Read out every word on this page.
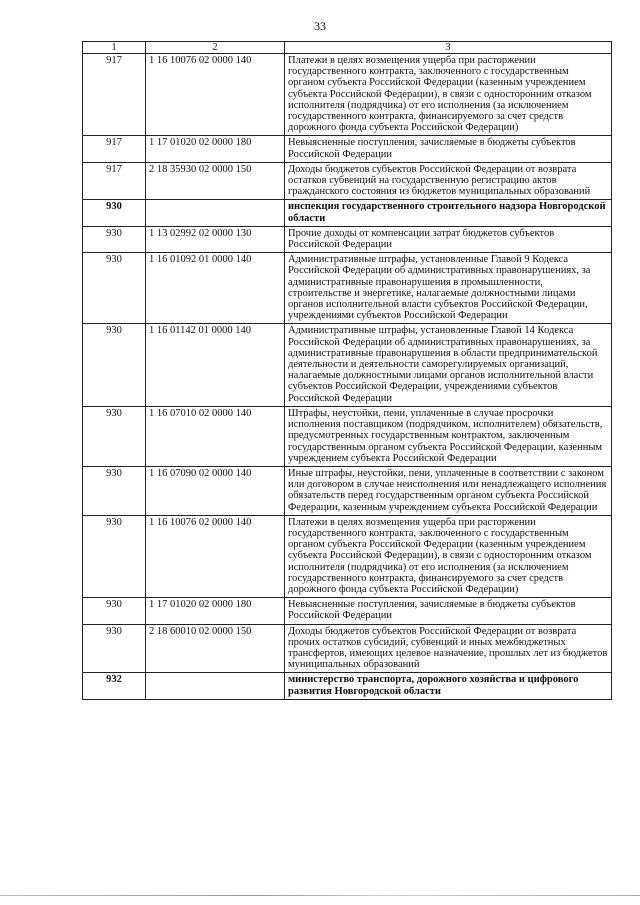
33
1	2	3
917	1 16 10076 02 0000 140	Платежи в целях возмещения ущерба при расторжении государственного контракта, заключенного с государственным органом субъекта Российской Федерации (казенным учреждением субъекта Российской Федерации), в связи с односторонним отказом исполнителя (подрядчика) от его исполнения (за исключением государственного контракта, финансируемого за счет средств дорожного фонда субъекта Российской Федерации)
917	1 17 01020 02 0000 180	Невыясненные поступления, зачисляемые в бюджеты субъектов Российской Федерации
917	2 18 35930 02 0000 150	Доходы бюджетов субъектов Российской Федерации от возврата остатков субвенций на государственную регистрацию актов гражданского состояния из бюджетов муниципальных образований
930		инспекция государственного строительного надзора Новгородской области
930	1 13 02992 02 0000 130	Прочие доходы от компенсации затрат бюджетов субъектов Российской Федерации
930	1 16 01092 01 0000 140	Административные штрафы, установленные Главой 9 Кодекса Российской Федерации об административных правонарушениях, за административные правонарушения в промышленности, строительстве и энергетике, налагаемые должностными лицами органов исполнительной власти субъектов Российской Федерации, учреждениями субъектов Российской Федерации
930	1 16 01142 01 0000 140	Административные штрафы, установленные Главой 14 Кодекса Российской Федерации об административных правонарушениях, за административные правонарушения в области предпринимательской деятельности и деятельности саморегулируемых организаций, налагаемые должностными лицами органов исполнительной власти субъектов Российской Федерации, учреждениями субъектов Российской Федерации
930	1 16 07010 02 0000 140	Штрафы, неустойки, пени, уплаченные в случае просрочки исполнения поставщиком (подрядчиком, исполнителем) обязательств, предусмотренных государственным контрактом, заключенным государственным органом субъекта Российской Федерации, казенным учреждением субъекта Российской Федерации
930	1 16 07090 02 0000 140	Иные штрафы, неустойки, пени, уплаченные в соответствии с законом или договором в случае неисполнения или ненадлежащего исполнения обязательств перед государственным органом субъекта Российской Федерации, казенным учреждением субъекта Российской Федерации
930	1 16 10076 02 0000 140	Платежи в целях возмещения ущерба при расторжении государственного контракта, заключенного с государственным органом субъекта Российской Федерации (казенным учреждением субъекта Российской Федерации), в связи с односторонним отказом исполнителя (подрядчика) от его исполнения (за исключением государственного контракта, финансируемого за счет средств дорожного фонда субъекта Российской Федерации)
930	1 17 01020 02 0000 180	Невыясненные поступления, зачисляемые в бюджеты субъектов Российской Федерации
930	2 18 60010 02 0000 150	Доходы бюджетов субъектов Российской Федерации от возврата прочих остатков субсидий, субвенций и иных межбюджетных трансфертов, имеющих целевое назначение, прошлых лет из бюджетов муниципальных образований
932		министерство транспорта, дорожного хозяйства и цифрового развития Новгородской области
